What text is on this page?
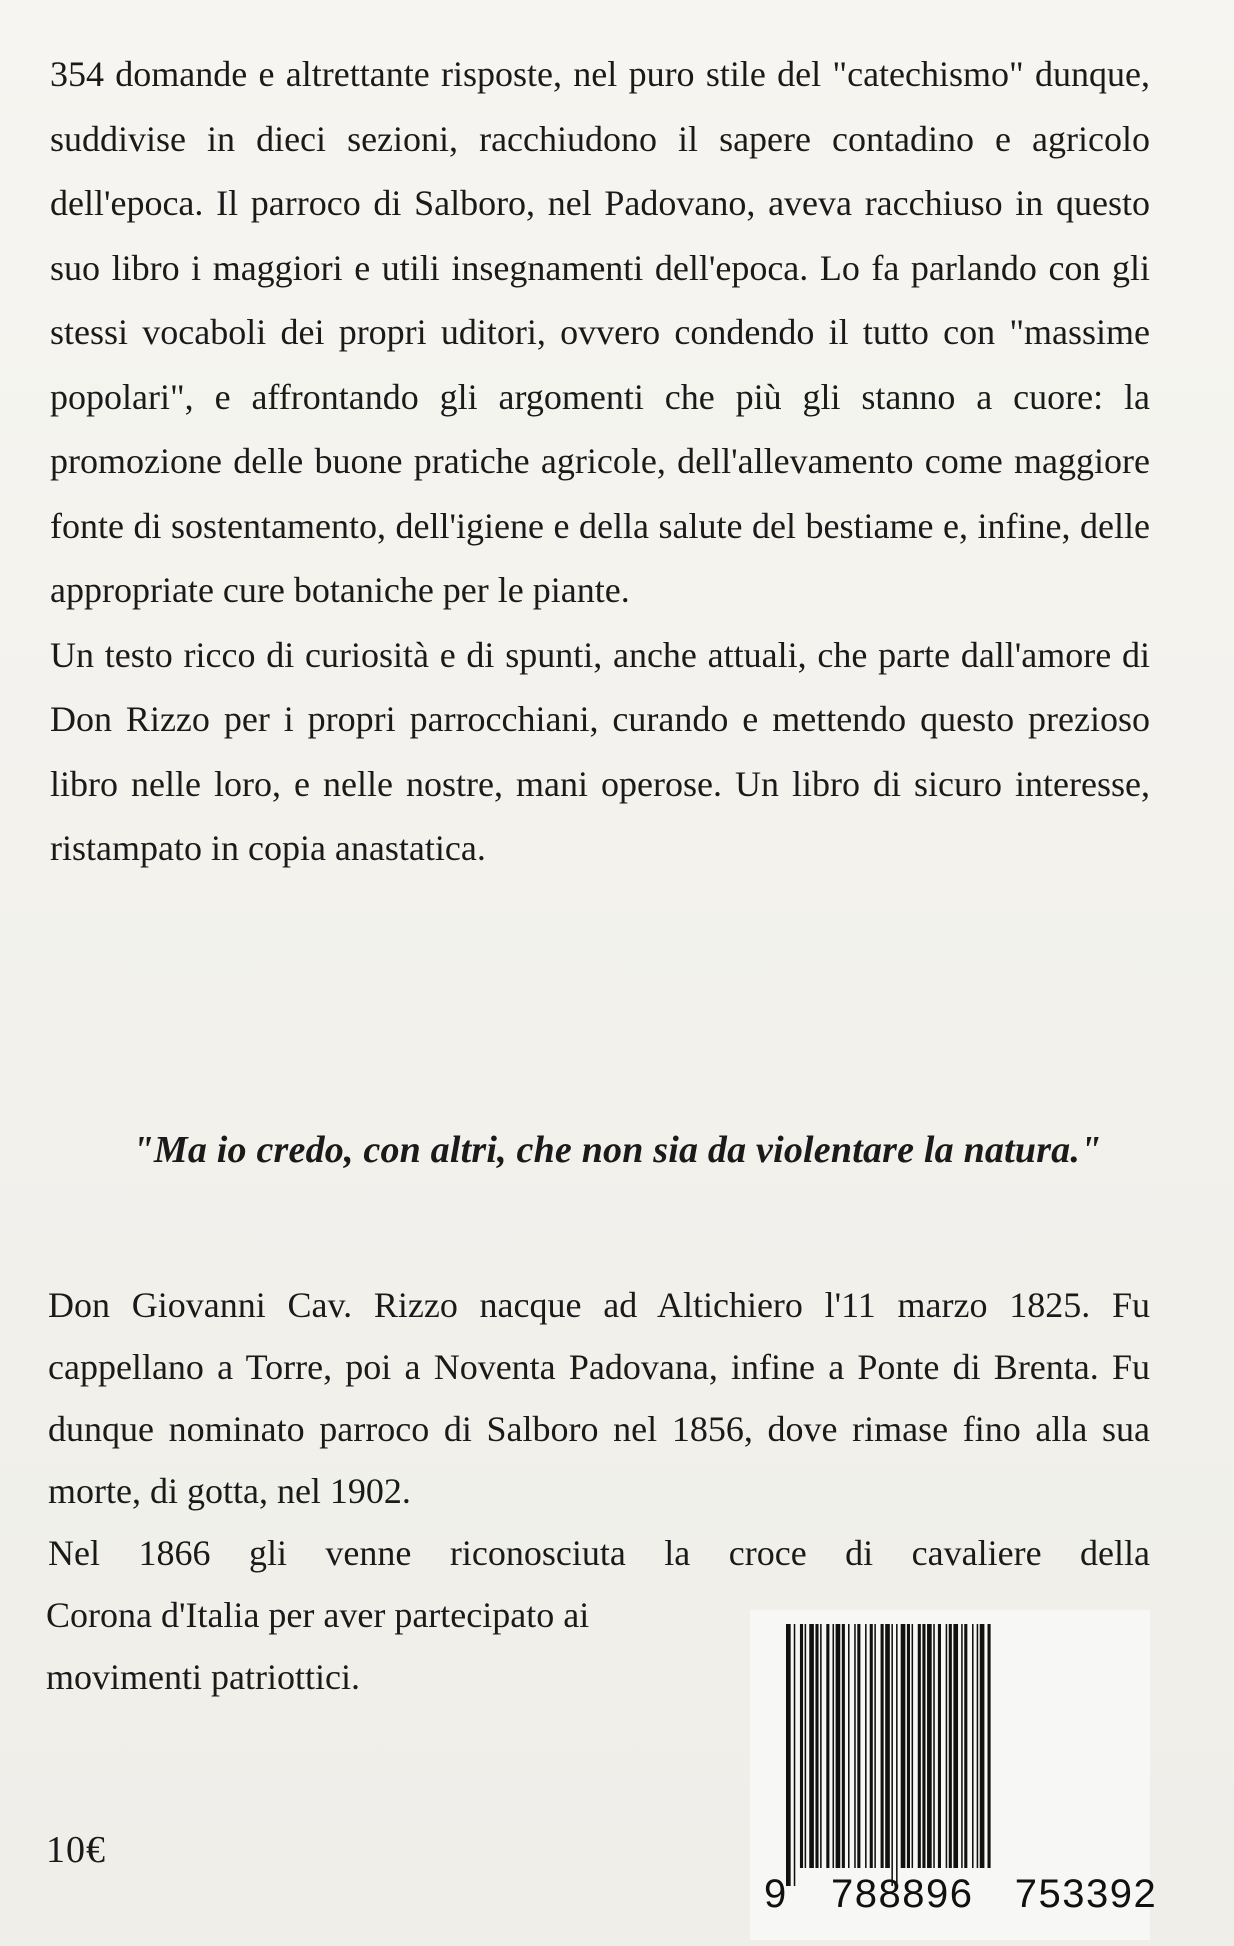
354 domande e altrettante risposte, nel puro stile del "catechismo" dunque, suddivise in dieci sezioni, racchiudono il sapere contadino e agricolo dell'epoca. Il parroco di Salboro, nel Padovano, aveva racchiuso in questo suo libro i maggiori e utili insegnamenti dell'epoca. Lo fa parlando con gli stessi vocaboli dei propri uditori, ovvero condendo il tutto con "massime popolari", e affrontando gli argomenti che più gli stanno a cuore: la promozione delle buone pratiche agricole, dell'allevamento come maggiore fonte di sostentamento, dell'igiene e della salute del bestiame e, infine, delle appropriate cure botaniche per le piante.

Un testo ricco di curiosità e di spunti, anche attuali, che parte dall'amore di Don Rizzo per i propri parrocchiani, curando e mettendo questo prezioso libro nelle loro, e nelle nostre, mani operose. Un libro di sicuro interesse, ristampato in copia anastatica.

"Ma io credo, con altri, che non sia da violentare la natura."

Don Giovanni Cav. Rizzo nacque ad Altichiero l'11 marzo 1825. Fu cappellano a Torre, poi a Noventa Padovana, infine a Ponte di Brenta. Fu dunque nominato parroco di Salboro nel 1856, dove rimase fino alla sua morte, di gotta, nel 1902.

Nel 1866 gli venne riconosciuta la croce di cavaliere della

Corona d'Italia per aver partecipato ai
movimenti patriottici.
10€
9 788896 753392
